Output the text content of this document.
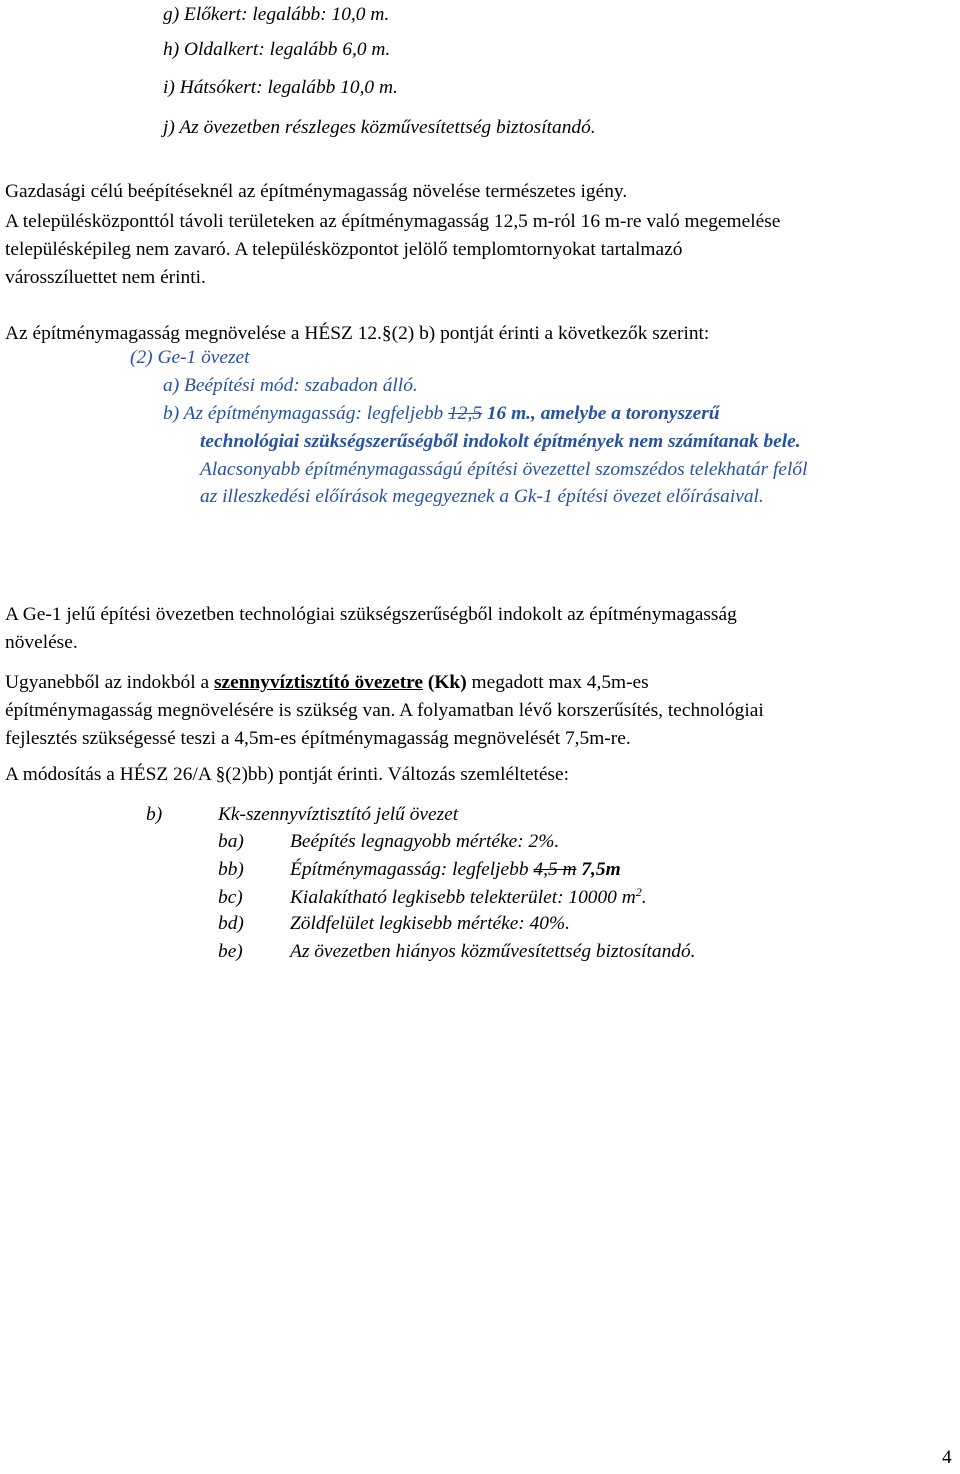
g) Előkert: legalább: 10,0 m.
h) Oldalkert: legalább 6,0 m.
i) Hátsókert: legalább 10,0 m.
j) Az övezetben részleges közművesítettség biztosítandó.
Gazdasági célú beépítéseknél az építménymagasság növelése természetes igény.
A településközponttól távoli területeken az építménymagasság 12,5 m-ról 16 m-re való megemelése
településképileg nem zavaró. A településközpontot jelölő templomtornyokat tartalmazó
városszíluettet nem érinti.
Az építménymagasság megnövelése a HÉSZ 12.§(2) b) pontját érinti a következők szerint:
(2) Ge-1 övezet
a) Beépítési mód: szabadon álló.
b) Az építménymagasság: legfeljebb 12,5 16 m., amelybe a toronyszerű
technológiai szükségszerűségből indokolt építmények nem számítanak bele.
Alacsonyabb építménymagasságú építési övezettel szomszédos telekhatár felől
az illeszkedési előírások megegyeznek a Gk-1 építési övezet előírásaival.
A Ge-1 jelű építési övezetben technológiai szükségszerűségből indokolt az építménymagasság
növelése.
Ugyanebből az indokból a szennyvíztisztító övezetre (Kk) megadott max 4,5m-es
építménymagasság megnövelésére is szükség van. A folyamatban lévő korszerűsítés, technológiai
fejlesztés szükségessé teszi a 4,5m-es építménymagasság megnövelését 7,5m-re.
A módosítás a HÉSZ 26/A §(2)bb) pontját érinti. Változás szemléltetése:
b)	Kk-szennyvíztisztító jelű övezet
ba) Beépítés legnagyobb mértéke: 2%.
bb) Építménymagasság: legfeljebb 4,5 m 7,5m
bc) Kialakítható legkisebb telekterület: 10000 $m^2$.
bd) Zöldfelület legkisebb mértéke: 40%.
be) Az övezetben hiányos közművesítettség biztosítandó.
4
